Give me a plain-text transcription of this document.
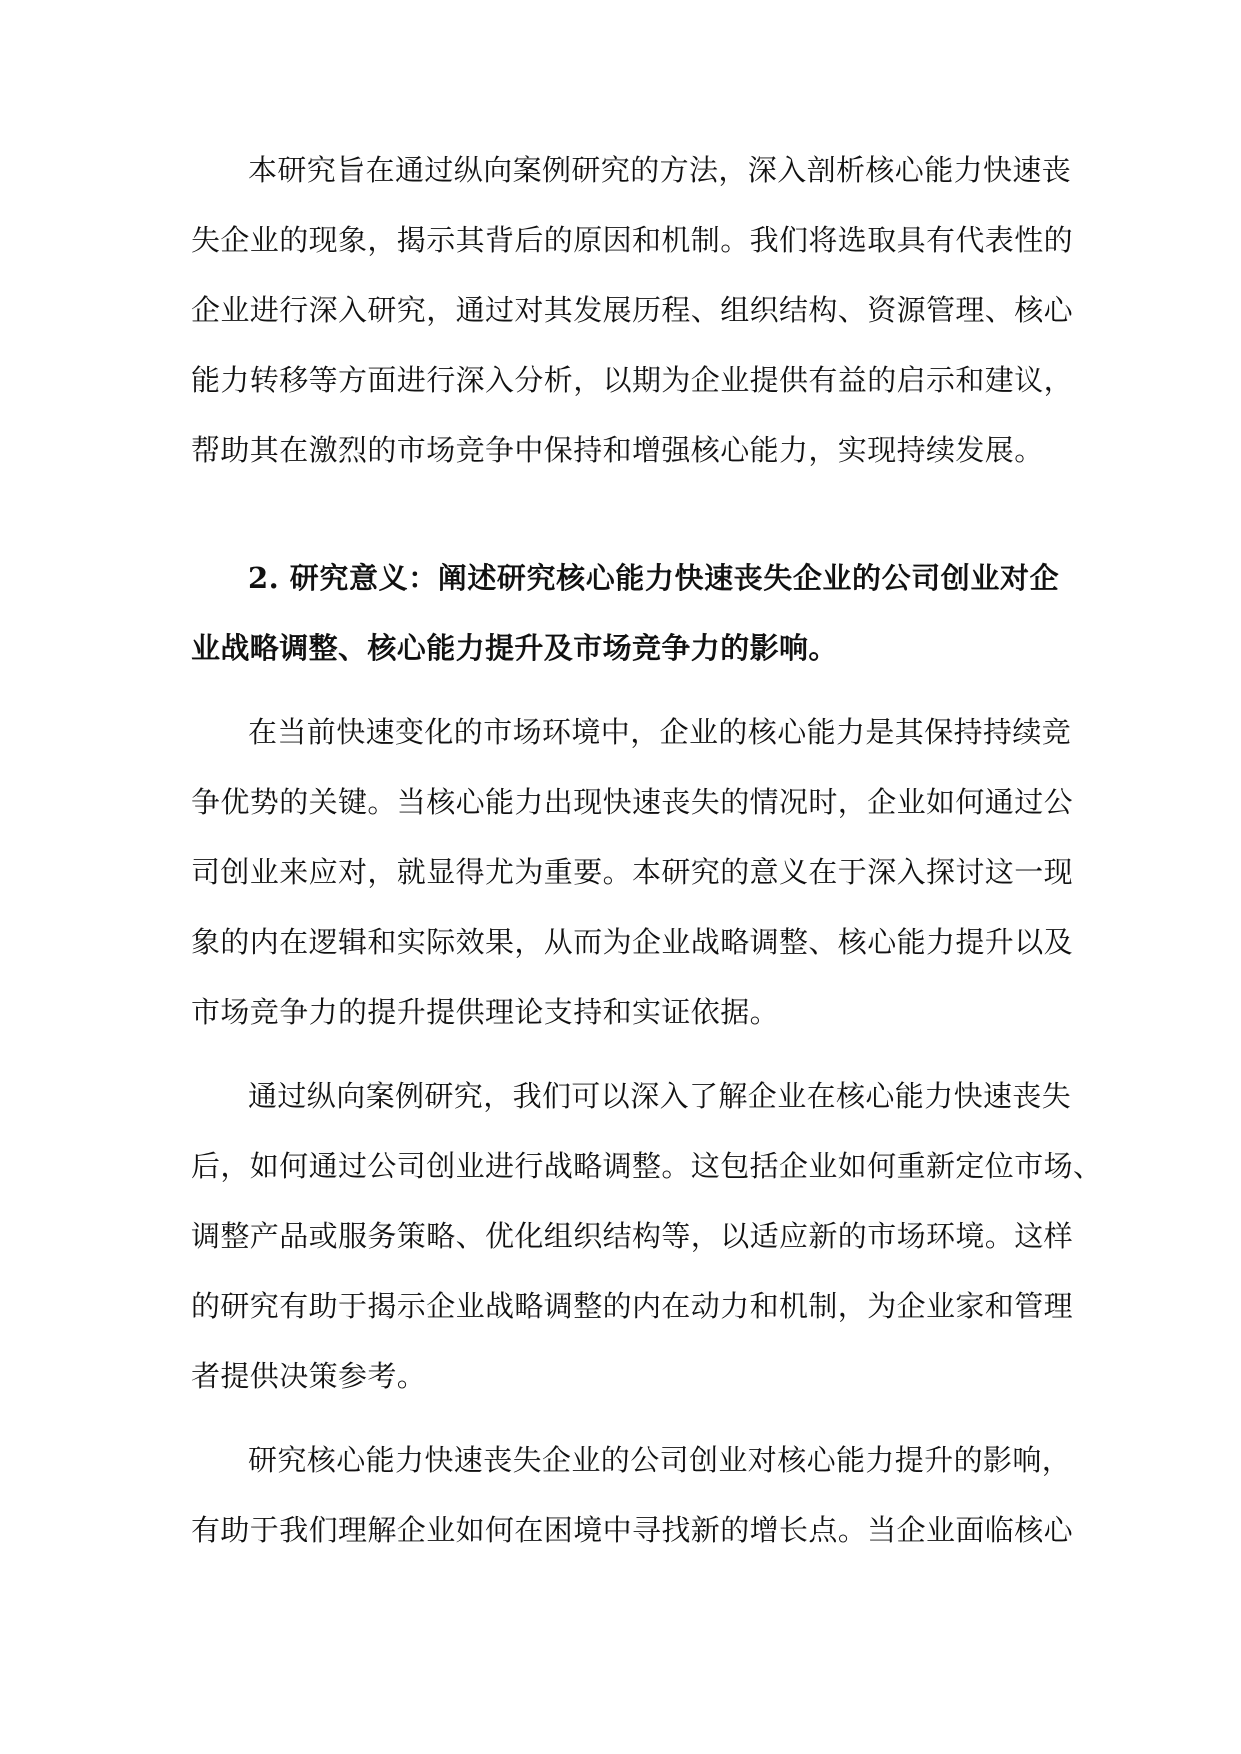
本研究旨在通过纵向案例研究的方法，深入剖析核心能力快速丧
失企业的现象，揭示其背后的原因和机制。我们将选取具有代表性的
企业进行深入研究，通过对其发展历程、组织结构、资源管理、核心
能力转移等方面进行深入分析，以期为企业提供有益的启示和建议，
帮助其在激烈的市场竞争中保持和增强核心能力，实现持续发展。
2. 研究意义：阐述研究核心能力快速丧失企业的公司创业对企
业战略调整、核心能力提升及市场竞争力的影响。
在当前快速变化的市场环境中，企业的核心能力是其保持持续竞
争优势的关键。当核心能力出现快速丧失的情况时，企业如何通过公
司创业来应对，就显得尤为重要。本研究的意义在于深入探讨这一现
象的内在逻辑和实际效果，从而为企业战略调整、核心能力提升以及
市场竞争力的提升提供理论支持和实证依据。
通过纵向案例研究，我们可以深入了解企业在核心能力快速丧失
后，如何通过公司创业进行战略调整。这包括企业如何重新定位市场、
调整产品或服务策略、优化组织结构等，以适应新的市场环境。这样
的研究有助于揭示企业战略调整的内在动力和机制，为企业家和管理
者提供决策参考。
研究核心能力快速丧失企业的公司创业对核心能力提升的影响，
有助于我们理解企业如何在困境中寻找新的增长点。当企业面临核心
